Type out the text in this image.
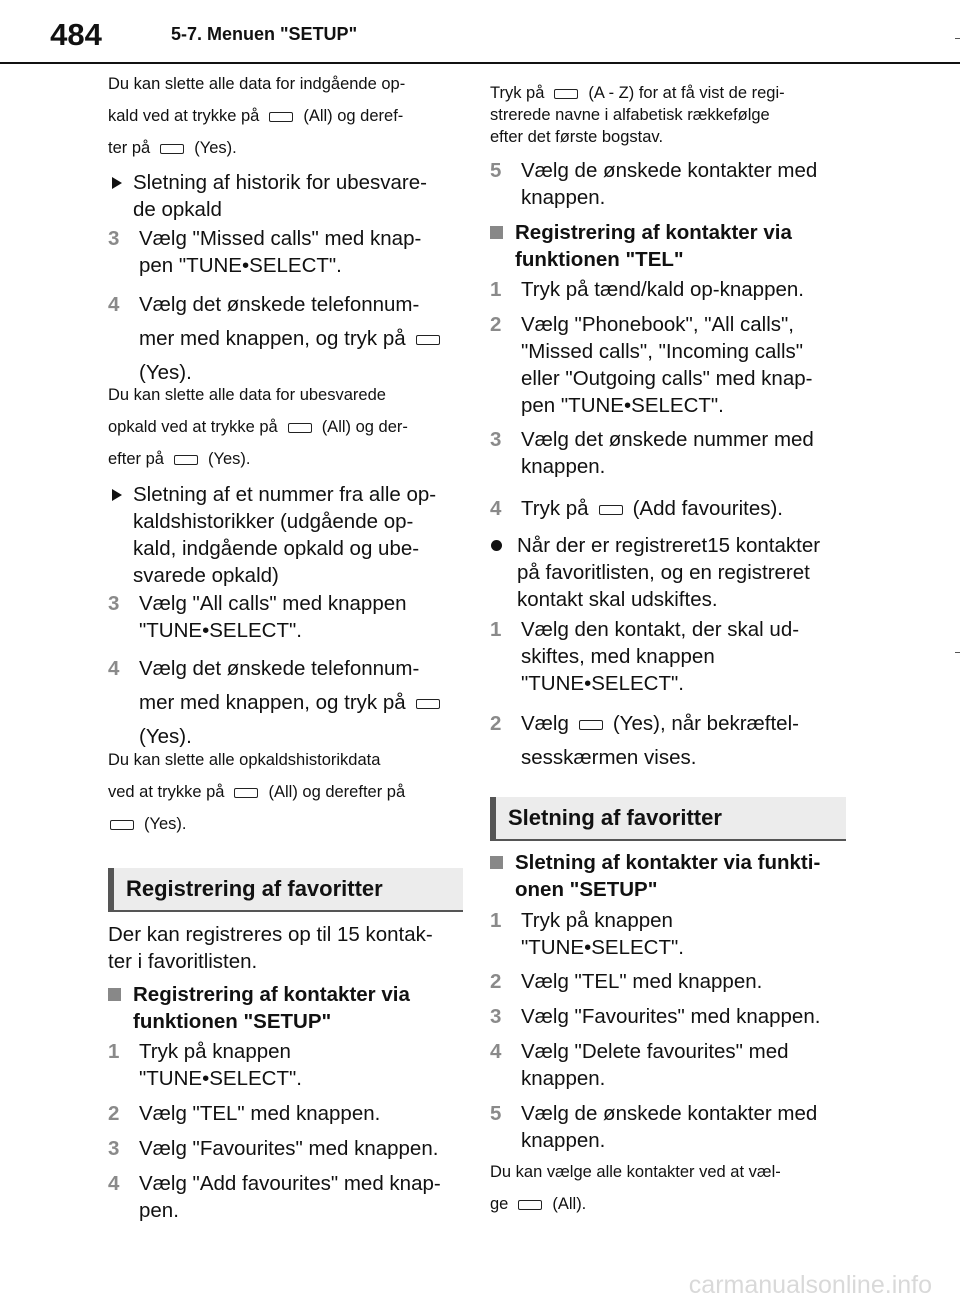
484	5-7. Menuen "SETUP"

Du kan slette alle data for indgående op-
kald ved at trykke på	(All) og deref-
ter på	(Yes).

Sletning af historik for ubesvare-
de opkald

3 Vælg "Missed calls" med knap-
pen "TUNE•SELECT".

4 Vælg det ønskede telefonnum-
mer med knappen, og tryk på
(Yes).

Du kan slette alle data for ubesvarede
opkald ved at trykke på	(All) og der-
efter på	(Yes).

Sletning af et nummer fra alle op-
kaldshistorikker (udgående op-
kald, indgående opkald og ube-
svarede opkald)

3 Vælg "All calls" med knappen
"TUNE•SELECT".

4 Vælg det ønskede telefonnum-
mer med knappen, og tryk på
(Yes).

Du kan slette alle opkaldshistorikdata
ved at trykke på	(All) og derefter på
(Yes).

Registrering af favoritter

Der kan registreres op til 15 kontak-
ter i favoritlisten.

Registrering af kontakter via
funktionen "SETUP"

1 Tryk på knappen
"TUNE•SELECT".

2 Vælg "TEL" med knappen.

3 Vælg "Favourites" med knappen.

4 Vælg "Add favourites" med knap-
pen.

Tryk på	(A - Z) for at få vist de regi-
strerede navne i alfabetisk rækkefølge
efter det første bogstav.

5 Vælg de ønskede kontakter med
knappen.

Registrering af kontakter via
funktionen "TEL"

1 Tryk på tænd/kald op-knappen.

2 Vælg "Phonebook", "All calls",
"Missed calls", "Incoming calls"
eller "Outgoing calls" med knap-
pen "TUNE•SELECT".

3 Vælg det ønskede nummer med
knappen.

4 Tryk på (Add favourites).

Når der er registreret15 kontakter
på favoritlisten, og en registreret
kontakt skal udskiftes.

1 Vælg den kontakt, der skal ud-
skiftes, med knappen
"TUNE•SELECT".

2 Vælg (Yes), når bekræftel-
sesskærmen vises.

Sletning af favoritter

Sletning af kontakter via funkti-
onen "SETUP"

1 Tryk på knappen
"TUNE•SELECT".

2 Vælg "TEL" med knappen.

3 Vælg "Favourites" med knappen.

4 Vælg "Delete favourites" med
knappen.

5 Vælg de ønskede kontakter med
knappen.

Du kan vælge alle kontakter ved at væl-
ge	(All).

carmanualsonline.info
